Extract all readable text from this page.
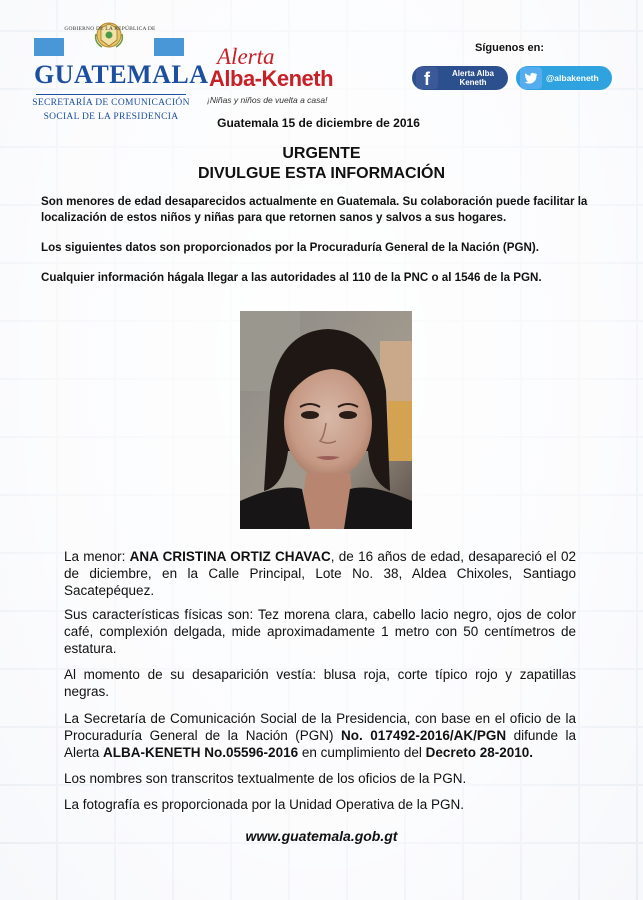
GOBIERNO DE LA REPÚBLICA DE
GUATEMALA
SECRETARÍA DE COMUNICACIÓN
SOCIAL DE LA PRESIDENCIA
Alerta
Alba-Keneth
¡Niñas y niños de vuelta a casa!
Síguenos en:
f	Alerta Alba Keneth	@albakeneth
Guatemala 15 de diciembre de 2016
URGENTE
DIVULGUE ESTA INFORMACIÓN
Son menores de edad desaparecidos actualmente en Guatemala. Su colaboración puede facilitar la localización de estos niños y niñas para que retornen sanos y salvos a sus hogares.
Los siguientes datos son proporcionados por la Procuraduría General de la Nación (PGN).
Cualquier información hágala llegar a las autoridades al 110 de la PNC o al 1546 de la PGN.
La menor: ANA CRISTINA ORTIZ CHAVAC, de 16 años de edad, desapareció el 02 de diciembre, en la Calle Principal, Lote No. 38, Aldea Chixoles, Santiago Sacatepéquez.
Sus características físicas son: Tez morena clara, cabello lacio negro, ojos de color café, complexión delgada, mide aproximadamente 1 metro con 50 centímetros de estatura.
Al momento de su desaparición vestía: blusa roja, corte típico rojo y zapatillas negras.
La Secretaría de Comunicación Social de la Presidencia, con base en el oficio de la Procuraduría General de la Nación (PGN) No. 017492-2016/AK/PGN difunde la Alerta ALBA-KENETH No.05596-2016 en cumplimiento del Decreto 28-2010.
Los nombres son transcritos textualmente de los oficios de la PGN.
La fotografía es proporcionada por la Unidad Operativa de la PGN.
www.guatemala.gob.gt
